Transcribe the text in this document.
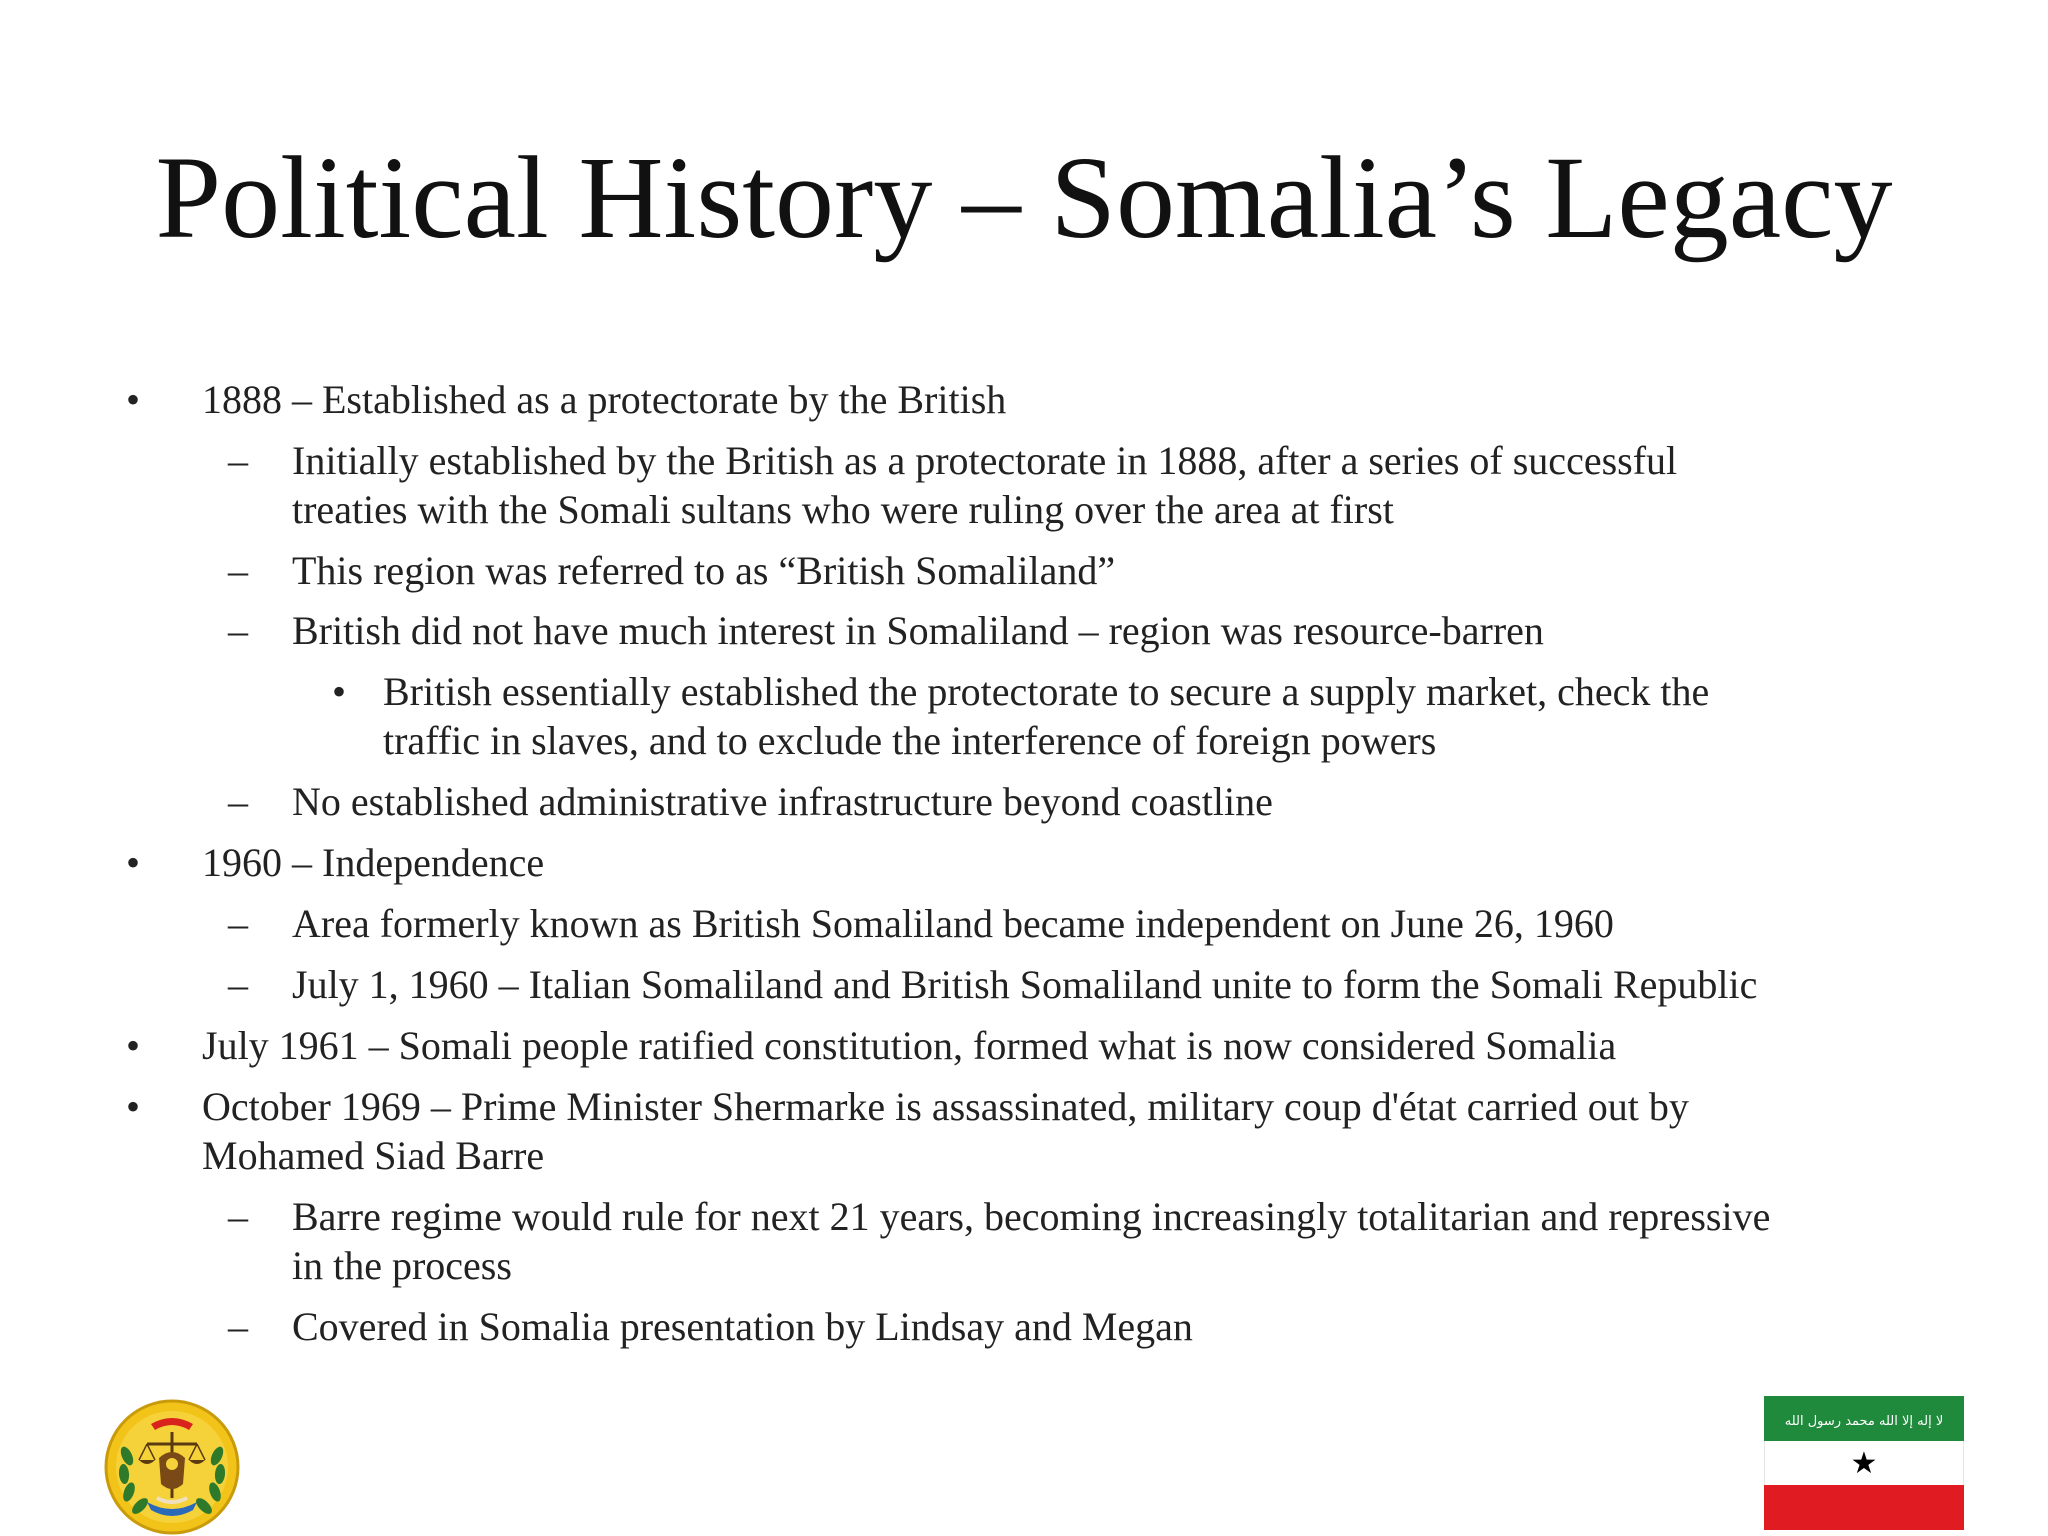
Political History – Somalia’s Legacy
• 1888 – Established as a protectorate by the British
– Initially established by the British as a protectorate in 1888, after a series of successful
treaties with the Somali sultans who were ruling over the area at first
– This region was referred to as “British Somaliland”
– British did not have much interest in Somaliland – region was resource-barren
• British essentially established the protectorate to secure a supply market, check the
traffic in slaves, and to exclude the interference of foreign powers
– No established administrative infrastructure beyond coastline
• 1960 – Independence
– Area formerly known as British Somaliland became independent on June 26, 1960
– July 1, 1960 – Italian Somaliland and British Somaliland unite to form the Somali Republic
• July 1961 – Somali people ratified constitution, formed what is now considered Somalia
• October 1969 – Prime Minister Shermarke is assassinated, military coup d'état carried out by
Mohamed Siad Barre
– Barre regime would rule for next 21 years, becoming increasingly totalitarian and repressive
in the process
– Covered in Somalia presentation by Lindsay and Megan
لا إله إلا الله محمد رسول الله
★
